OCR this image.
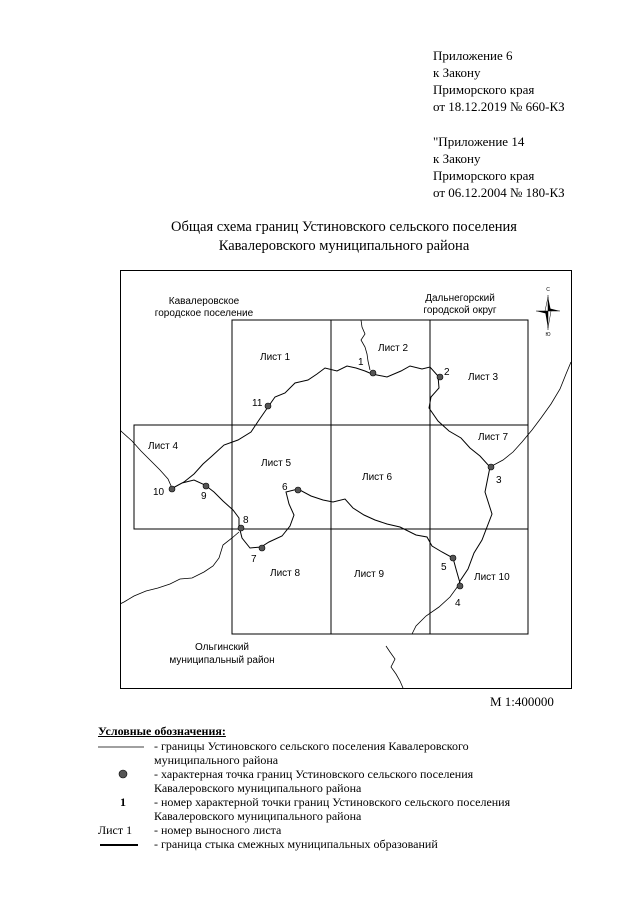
Приложение 6
к Закону
Приморского края
от 18.12.2019 № 660-КЗ
"Приложение 14
к Закону
Приморского края
от 06.12.2004 № 180-КЗ
Общая схема границ Устиновского сельского поселения
Кавалеровского муниципального района
1
2
3
4
5
6
7
8
9
10
11
Лист 1
Лист 2
Лист 3
Лист 4
Лист 5
Лист 6
Лист 7
Лист 8	Лист 9	Лист 10
Кавалеровское
городское поселение
Дальнегорский
городской округ
Ольгинский
муниципальный район
С
Ю
М 1:400000
Условные обозначения:
- границы Устиновского сельского поселения Кавалеровского
муниципального района
- характерная точка границ Устиновского сельского поселения
Кавалеровского муниципального района
1	- номер характерной точки границ Устиновского сельского поселения
Кавалеровского муниципального района
Лист 1	- номер выносного листа
- граница стыка смежных муниципальных образований
